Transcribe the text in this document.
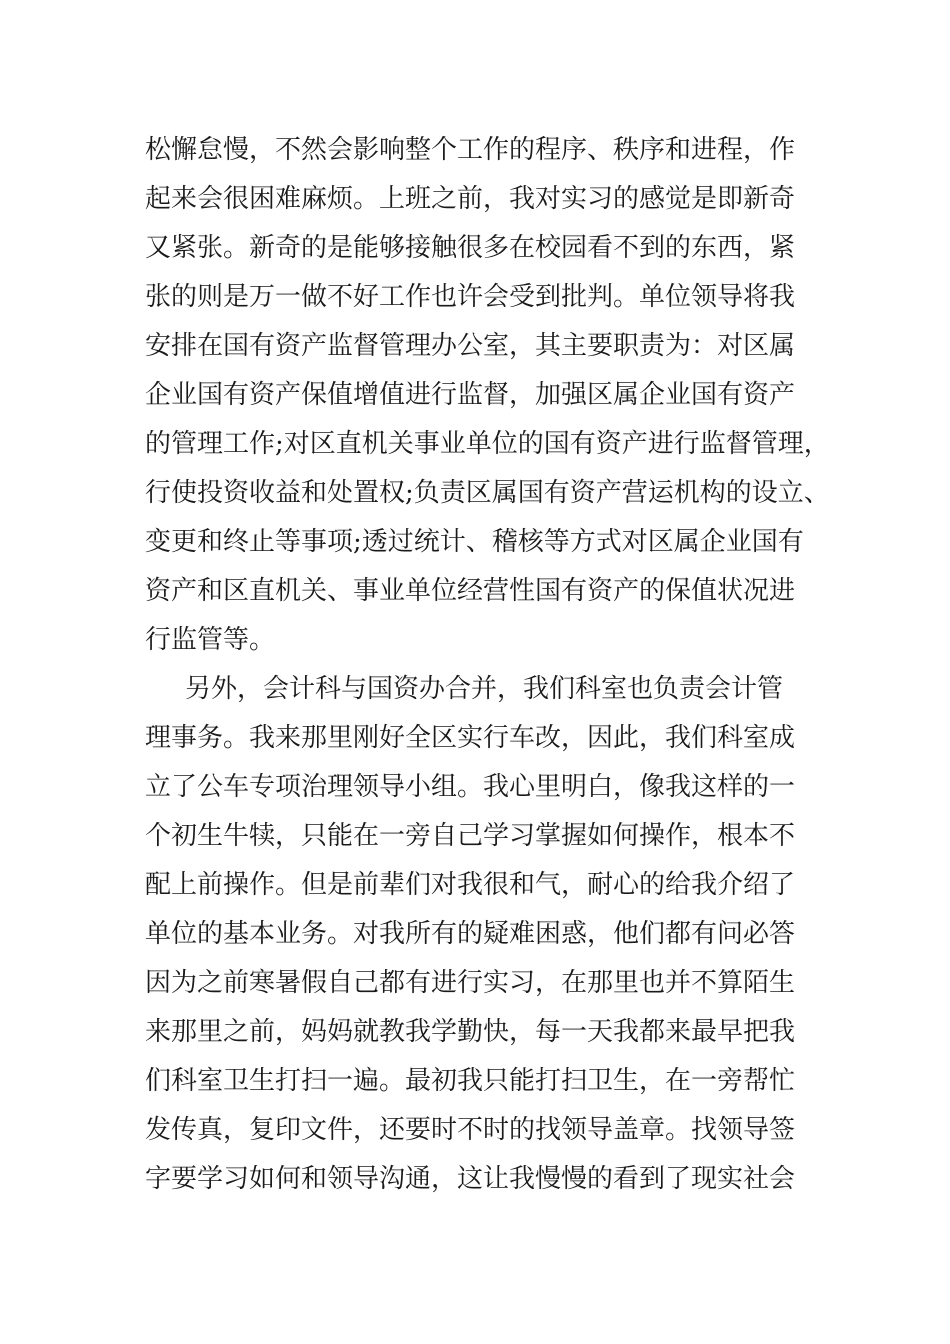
松懈怠慢，不然会影响整个工作的程序、秩序和进程，作
起来会很困难麻烦。上班之前，我对实习的感觉是即新奇
又紧张。新奇的是能够接触很多在校园看不到的东西，紧
张的则是万一做不好工作也许会受到批判。单位领导将我
安排在国有资产监督管理办公室，其主要职责为：对区属
企业国有资产保值增值进行监督，加强区属企业国有资产
的管理工作;对区直机关事业单位的国有资产进行监督管理，
行使投资收益和处置权;负责区属国有资产营运机构的设立、
变更和终止等事项;透过统计、稽核等方式对区属企业国有
资产和区直机关、事业单位经营性国有资产的保值状况进
行监管等。
另外，会计科与国资办合并，我们科室也负责会计管
理事务。我来那里刚好全区实行车改，因此，我们科室成
立了公车专项治理领导小组。我心里明白，像我这样的一
个初生牛犊，只能在一旁自己学习掌握如何操作，根本不
配上前操作。但是前辈们对我很和气，耐心的给我介绍了
单位的基本业务。对我所有的疑难困惑，他们都有问必答
因为之前寒暑假自己都有进行实习，在那里也并不算陌生
来那里之前，妈妈就教我学勤快，每一天我都来最早把我
们科室卫生打扫一遍。最初我只能打扫卫生，在一旁帮忙
发传真，复印文件，还要时不时的找领导盖章。找领导签
字要学习如何和领导沟通，这让我慢慢的看到了现实社会
